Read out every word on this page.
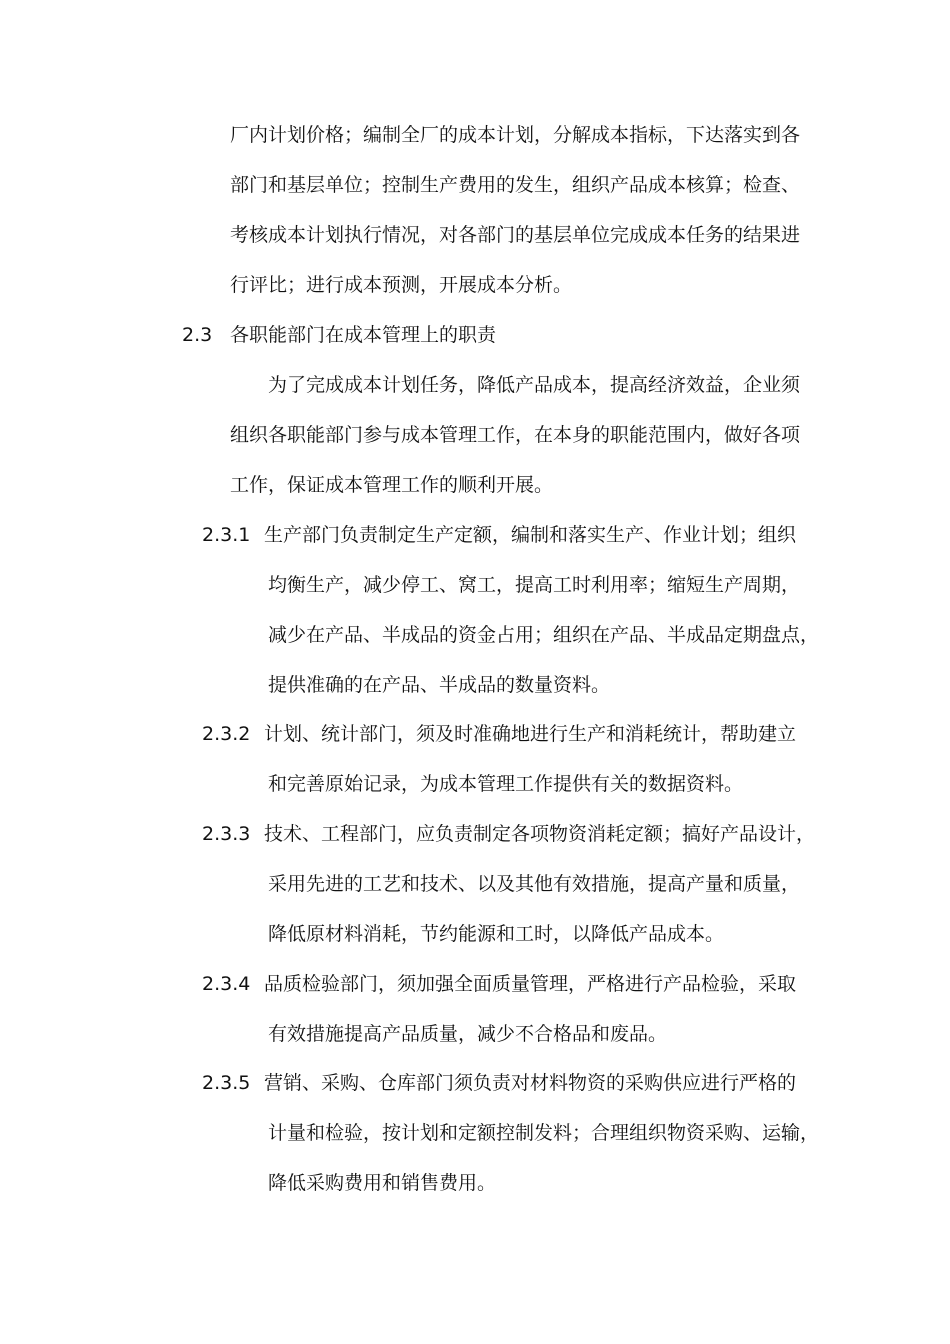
厂内计划价格；编制全厂的成本计划，分解成本指标，下达落实到各
部门和基层单位；控制生产费用的发生，组织产品成本核算；检查、
考核成本计划执行情况，对各部门的基层单位完成成本任务的结果进
行评比；进行成本预测，开展成本分析。
2.3 各职能部门在成本管理上的职责
为了完成成本计划任务，降低产品成本，提高经济效益，企业须
组织各职能部门参与成本管理工作，在本身的职能范围内，做好各项
工作，保证成本管理工作的顺利开展。
2.3.1 生产部门负责制定生产定额，编制和落实生产、作业计划；组织
均衡生产，减少停工、窝工，提高工时利用率；缩短生产周期，
减少在产品、半成品的资金占用；组织在产品、半成品定期盘点，
提供准确的在产品、半成品的数量资料。
2.3.2 计划、统计部门，须及时准确地进行生产和消耗统计，帮助建立
和完善原始记录，为成本管理工作提供有关的数据资料。
2.3.3 技术、工程部门，应负责制定各项物资消耗定额；搞好产品设计，
采用先进的工艺和技术、以及其他有效措施，提高产量和质量，
降低原材料消耗，节约能源和工时，以降低产品成本。
2.3.4 品质检验部门，须加强全面质量管理，严格进行产品检验，采取
有效措施提高产品质量，减少不合格品和废品。
2.3.5 营销、采购、仓库部门须负责对材料物资的采购供应进行严格的
计量和检验，按计划和定额控制发料；合理组织物资采购、运输，
降低采购费用和销售费用。
